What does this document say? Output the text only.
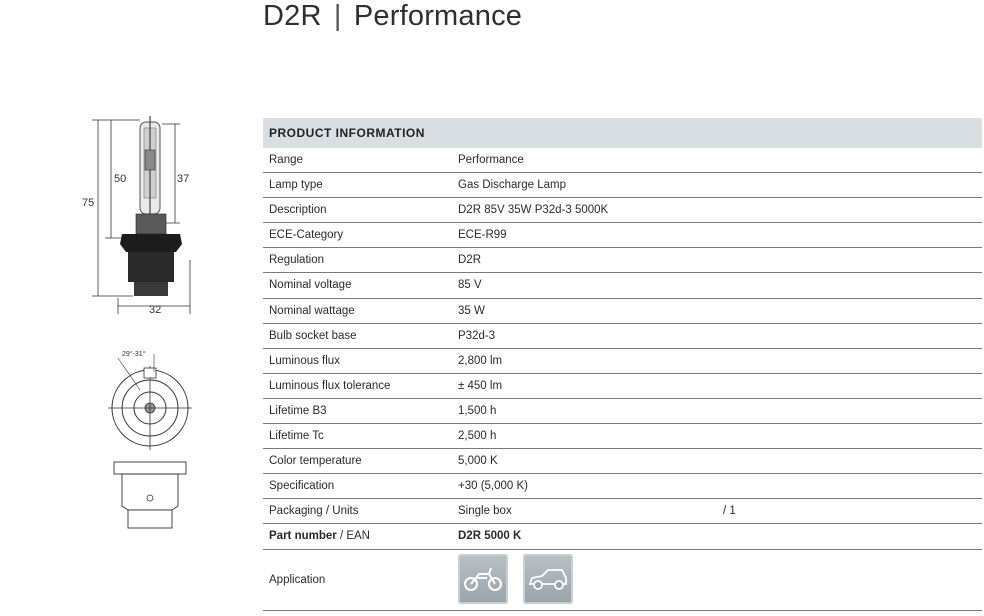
D2R | Performance
75
50	37
32
29°-31°
PRODUCT INFORMATION
Range	Performance
Lamp type	Gas Discharge Lamp
Description	D2R 85V 35W P32d-3 5000K
ECE-Category	ECE-R99
Regulation	D2R
Nominal voltage	85 V
Nominal wattage	35 W
Bulb socket base	P32d-3
Luminous flux	2,800 lm
Luminous flux tolerance	± 450 lm
Lifetime B3	1,500 h
Lifetime Tc	2,500 h
Color temperature	5,000 K
Specification	+30 (5,000 K)
Packaging / Units	Single box	/ 1
Part number / EAN	D2R 5000 K
Application
